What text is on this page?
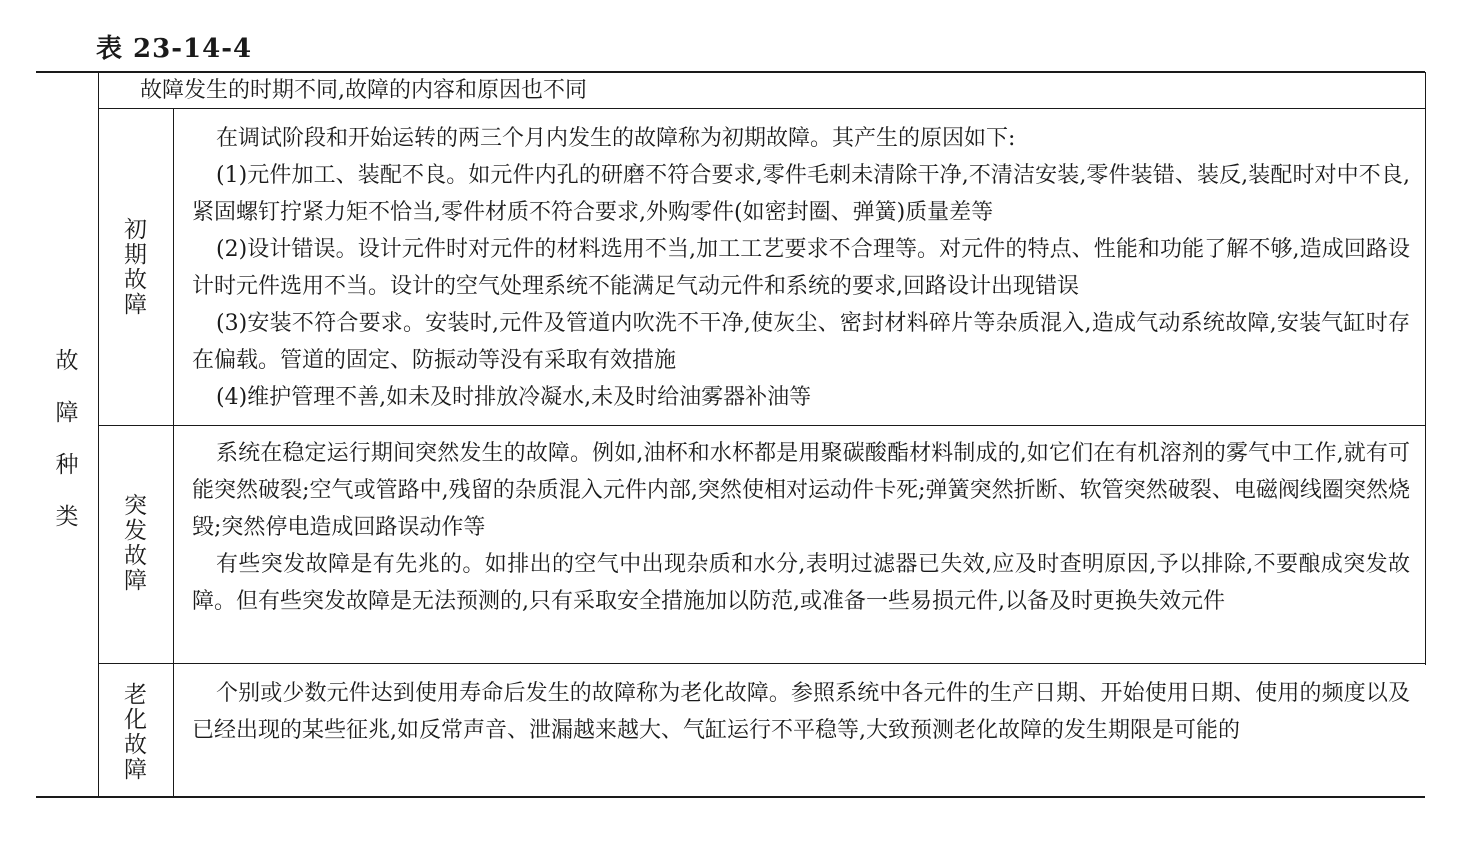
表 23-14-4
故
障
种
类
故障发生的时期不同,故障的内容和原因也不同
初
期
故
障

在调试阶段和开始运转的两三个月内发生的故障称为初期故障。其产生的原因如下:

(1)元件加工、装配不良。如元件内孔的研磨不符合要求,零件毛刺未清除干净,不清洁安装,零件装错、装反,装配时对中不良,紧固螺钉拧紧力矩不恰当,零件材质不符合要求,外购零件(如密封圈、弹簧)质量差等

(2)设计错误。设计元件时对元件的材料选用不当,加工工艺要求不合理等。对元件的特点、性能和功能了解不够,造成回路设计时元件选用不当。设计的空气处理系统不能满足气动元件和系统的要求,回路设计出现错误

(3)安装不符合要求。安装时,元件及管道内吹洗不干净,使灰尘、密封材料碎片等杂质混入,造成气动系统故障,安装气缸时存在偏载。管道的固定、防振动等没有采取有效措施

(4)维护管理不善,如未及时排放冷凝水,未及时给油雾器补油等

突
发
故
障

系统在稳定运行期间突然发生的故障。例如,油杯和水杯都是用聚碳酸酯材料制成的,如它们在有机溶剂的雾气中工作,就有可能突然破裂;空气或管路中,残留的杂质混入元件内部,突然使相对运动件卡死;弹簧突然折断、软管突然破裂、电磁阀线圈突然烧毁;突然停电造成回路误动作等

有些突发故障是有先兆的。如排出的空气中出现杂质和水分,表明过滤器已失效,应及时查明原因,予以排除,不要酿成突发故障。但有些突发故障是无法预测的,只有采取安全措施加以防范,或准备一些易损元件,以备及时更换失效元件

老
化
故
障

个别或少数元件达到使用寿命后发生的故障称为老化故障。参照系统中各元件的生产日期、开始使用日期、使用的频度以及已经出现的某些征兆,如反常声音、泄漏越来越大、气缸运行不平稳等,大致预测老化故障的发生期限是可能的
